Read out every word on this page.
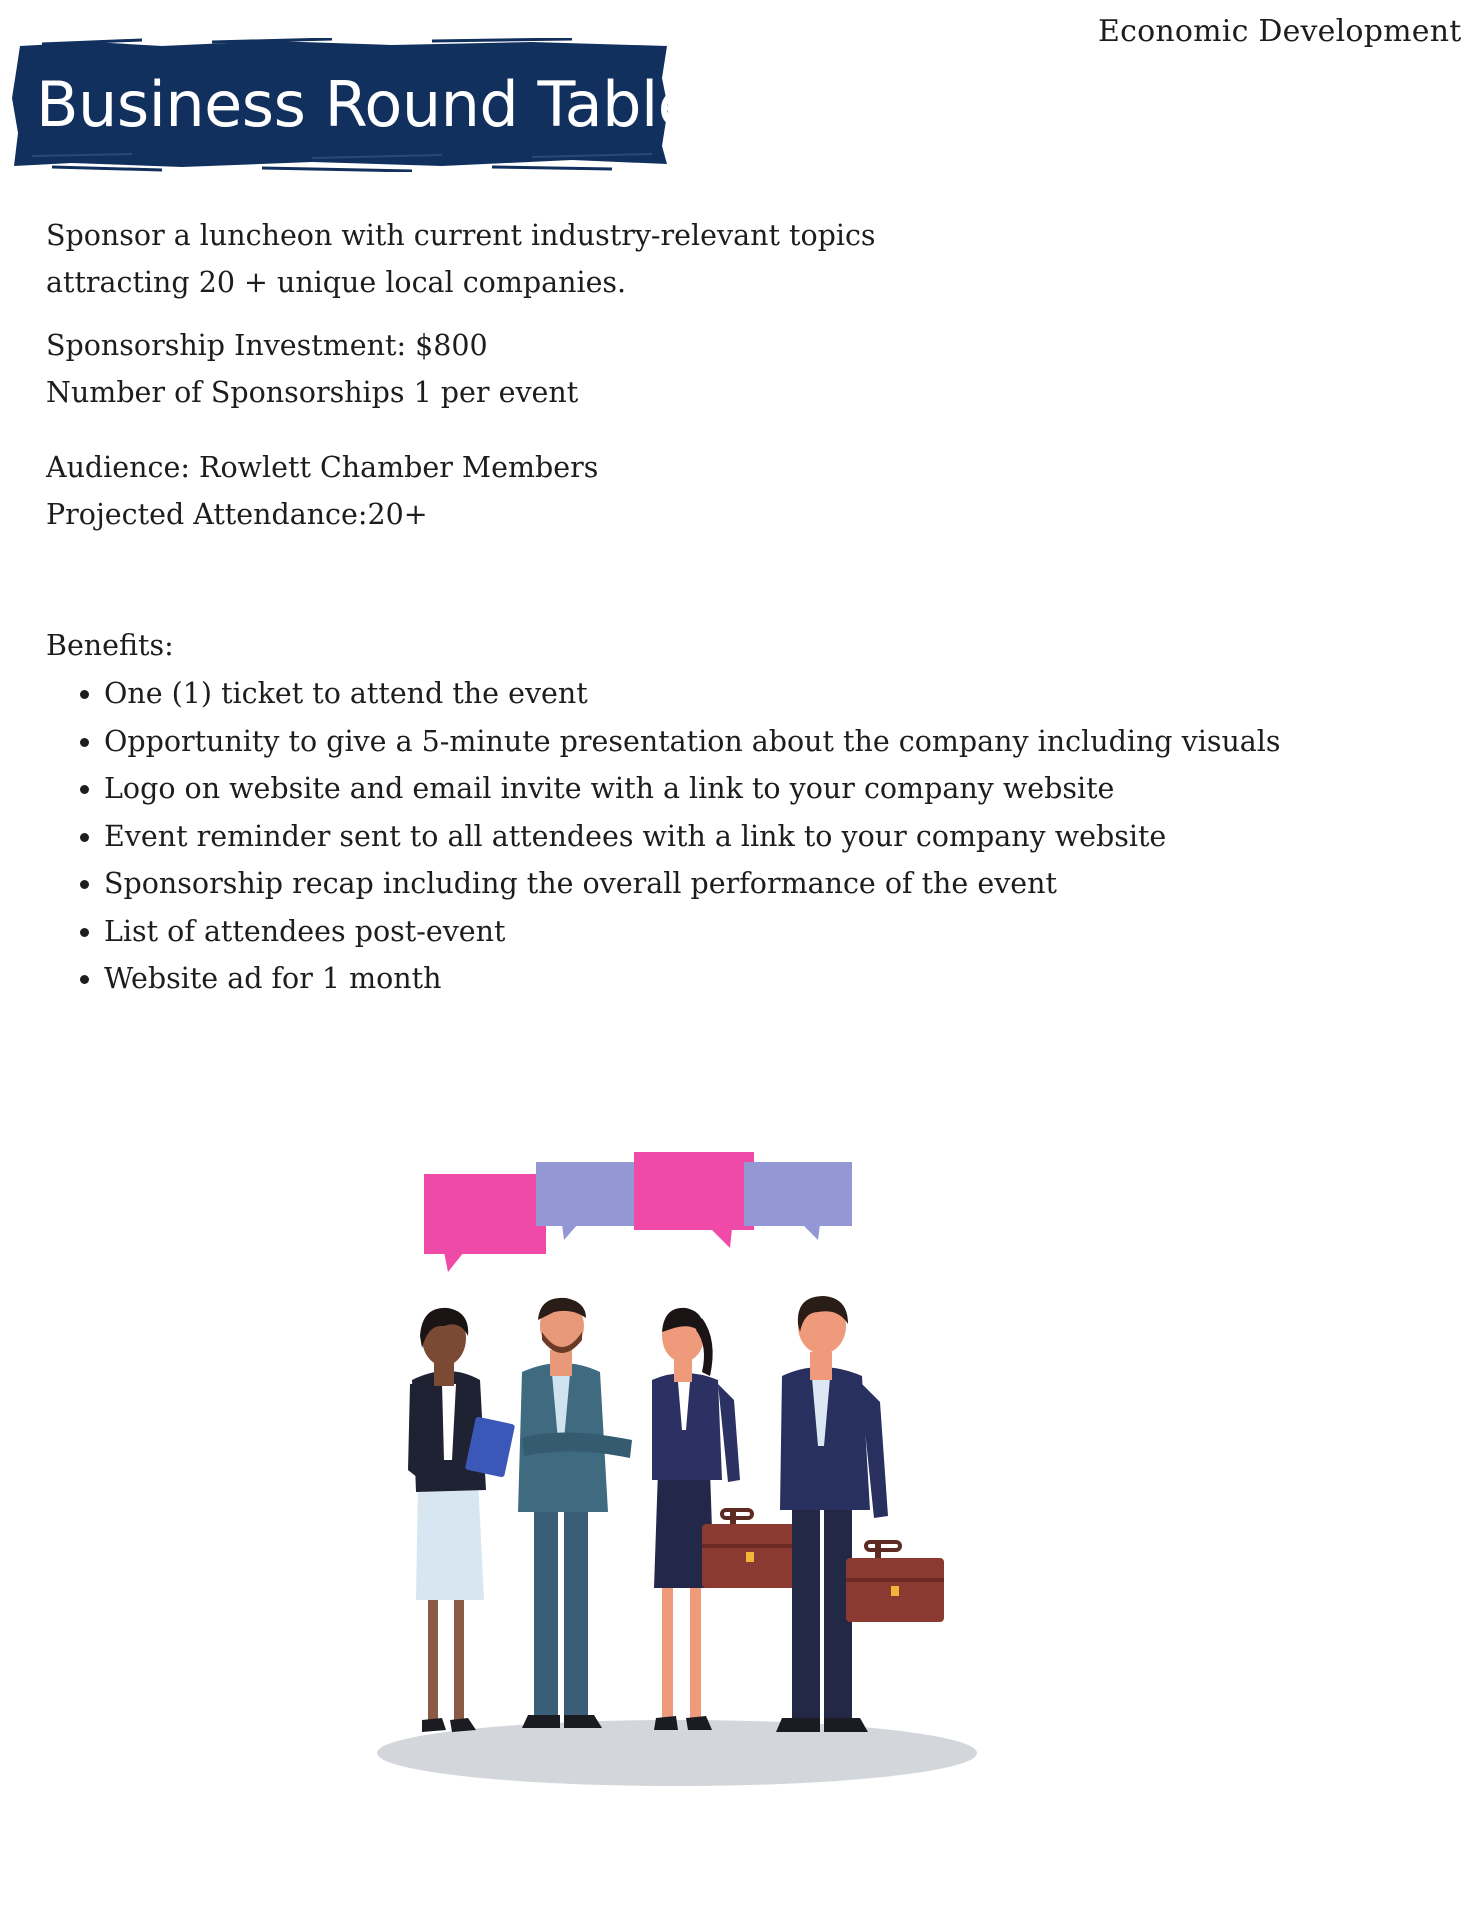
Economic Development
Business Round Table
Sponsor a luncheon with current industry-relevant topics attracting 20 + unique local companies.
Sponsorship Investment: $800
Number of Sponsorships 1 per event
Audience: Rowlett Chamber Members
Projected Attendance:20+
Benefits:
• One (1) ticket to attend the event
• Opportunity to give a 5-minute presentation about the company including visuals
• Logo on website and email invite with a link to your company website
• Event reminder sent to all attendees with a link to your company website
• Sponsorship recap including the overall performance of the event
• List of attendees post-event
• Website ad for 1 month
